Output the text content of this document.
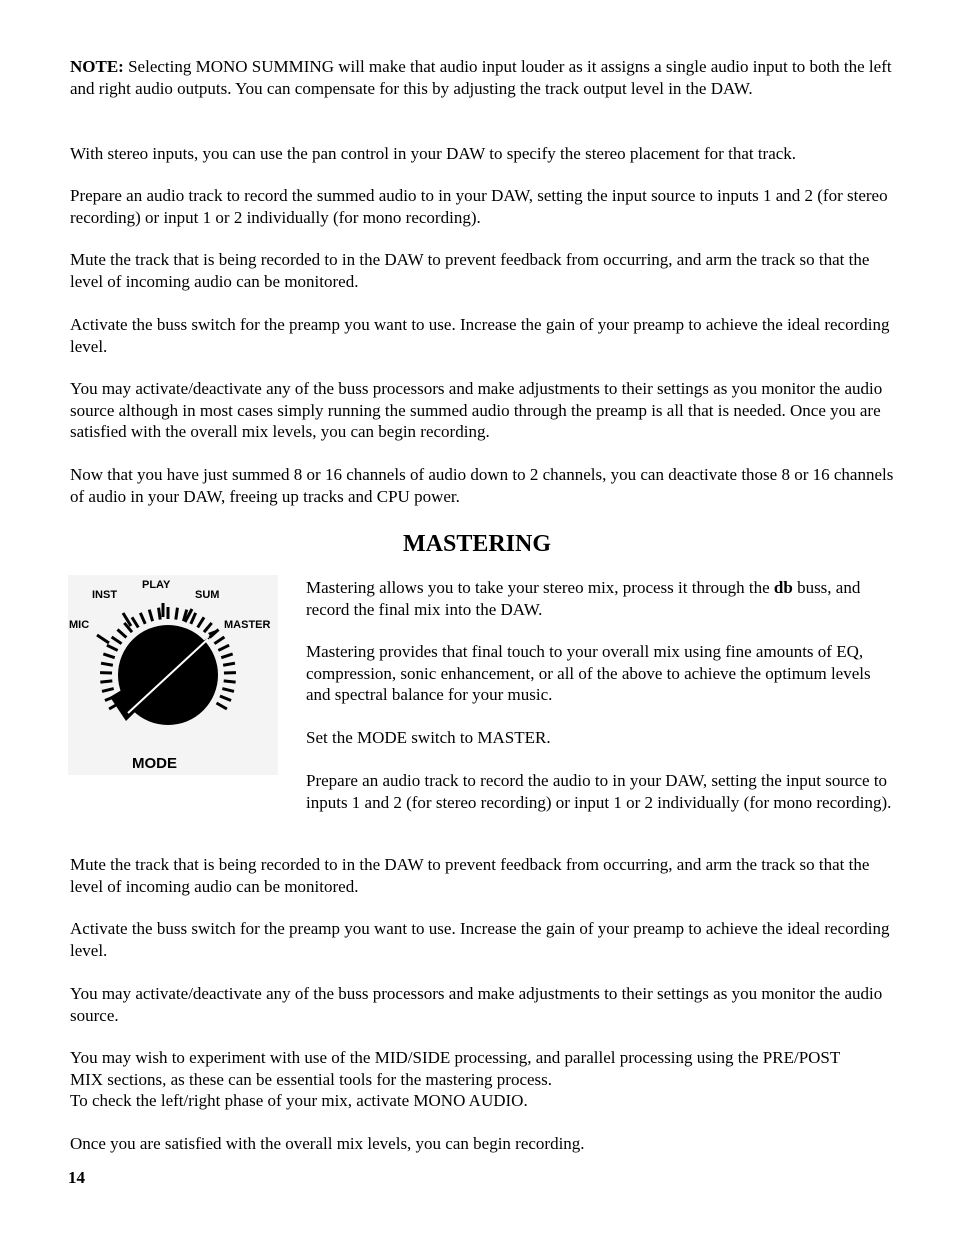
NOTE: Selecting MONO SUMMING will make that audio input louder as it assigns a single audio input to both the left and right audio outputs. You can compensate for this by adjusting the track output level in the DAW.

With stereo inputs, you can use the pan control in your DAW to specify the stereo placement for that track.

Prepare an audio track to record the summed audio to in your DAW, setting the input source to inputs 1 and 2 (for stereo recording) or input 1 or 2 individually (for mono recording).

Mute the track that is being recorded to in the DAW to prevent feedback from occurring, and arm the track so that the level of incoming audio can be monitored.

Activate the buss switch for the preamp you want to use. Increase the gain of your preamp to achieve the ideal recording level.

You may activate/deactivate any of the buss processors and make adjustments to their settings as you monitor the audio source although in most cases simply running the summed audio through the preamp is all that is needed. Once you are satisfied with the overall mix levels, you can begin recording.

Now that you have just summed 8 or 16 channels of audio down to 2 channels, you can deactivate those 8 or 16 channels of audio in your DAW, freeing up tracks and CPU power.

MASTERING
INST
PLAY
SUM
MIC	MASTER
MODE

Mastering allows you to take your stereo mix, process it through the db buss, and record the final mix into the DAW.

Mastering provides that final touch to your overall mix using fine amounts of EQ, compression, sonic enhancement, or all of the above to achieve the optimum levels and spectral balance for your music.

Set the MODE switch to MASTER.

Prepare an audio track to record the audio to in your DAW, setting the input source to inputs 1 and 2 (for stereo recording) or input 1 or 2 individually (for mono recording).

Mute the track that is being recorded to in the DAW to prevent feedback from occurring, and arm the track so that the level of incoming audio can be monitored.

Activate the buss switch for the preamp you want to use. Increase the gain of your preamp to achieve the ideal recording level.

You may activate/deactivate any of the buss processors and make adjustments to their settings as you monitor the audio source.

You may wish to experiment with use of the MID/SIDE processing, and parallel processing using the PRE/POST MIX sections, as these can be essential tools for the mastering process.

To check the left/right phase of your mix, activate MONO AUDIO.

Once you are satisfied with the overall mix levels, you can begin recording.

14
